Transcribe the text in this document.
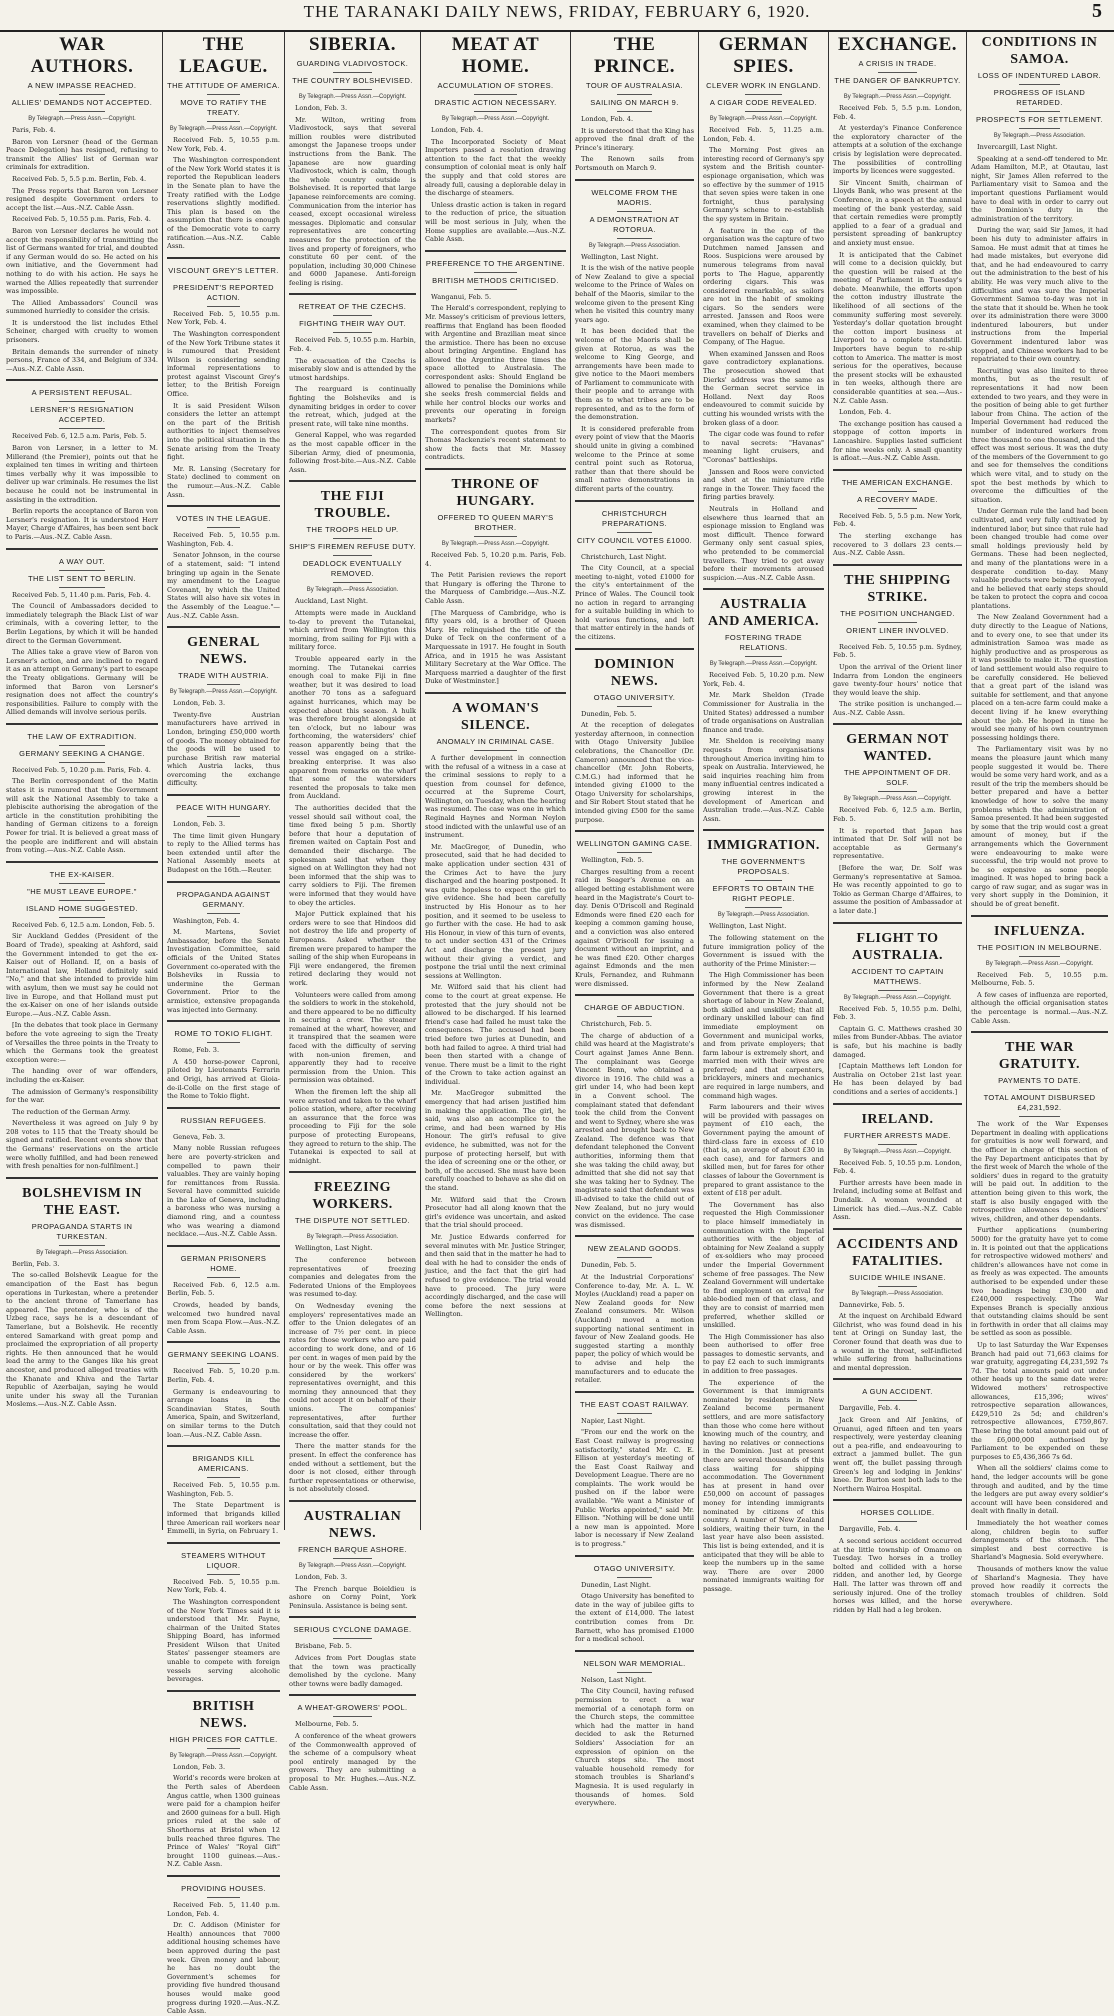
THE TARANAKI DAILY NEWS, FRIDAY, FEBRUARY 6, 1920.	5
WAR AUTHORS.
A NEW IMPASSE REACHED.
ALLIES' DEMANDS NOT ACCEPTED.
By Telegraph.—Press Assn.—Copyright.

Paris, Feb. 4.

Baron von Lersner (head of the German Peace Delegation) has resigned, refusing to transmit the Allies' list of German war criminals for extradition.

Received Feb. 5, 5.5 p.m. Berlin, Feb. 4.

The Press reports that Baron von Lersner resigned despite Government orders to accept the list.—Aus.-N.Z. Cable Assn.

Received Feb. 5, 10.55 p.m. Paris, Feb. 4.

Baron von Lersner declares he would not accept the responsibility of transmitting the list of Germans wanted for trial, and doubted if any German would do so. He acted on his own initiative, and the Government had nothing to do with his action. He says he warned the Allies repeatedly that surrender was impossible.

The Allied Ambassadors' Council was summoned hurriedly to consider the crisis.

It is understood the list includes Ethel Scheiner, charged with cruelty to women prisoners.

Britain demands the surrender of ninety persons, France of 334, and Belgium of 334.—Aus.-N.Z. Cable Assn.

A PERSISTENT REFUSAL.
LERSNER'S RESIGNATION ACCEPTED.

Received Feb. 6, 12.5 a.m. Paris, Feb. 5.

Baron von Lersner, in a letter to M. Millerand (the Premier), points out that he explained ten times in writing and thirteen times verbally why it was impossible to deliver up war criminals. He resumes the list because he could not be instrumental in assisting in the extradition.

Berlin reports the acceptance of Baron von Lersner's resignation. It is understood Herr Mayer, Charge d'Affaires, has been sent back to Paris.—Aus.-N.Z. Cable Assn.

A WAY OUT.
THE LIST SENT TO BERLIN.

Received Feb. 5, 11.40 p.m. Paris, Feb. 4.

The Council of Ambassadors decided to immediately telegraph the Black List of war criminals, with a covering letter, to the Berlin Legations, by which it will be handed direct to the German Government.

The Allies take a grave view of Baron von Lersner's action, and are inclined to regard it as an attempt on Germany's part to escape the Treaty obligations. Germany will be informed that Baron von Lersner's resignation does not affect the country's responsibilities. Failure to comply with the Allied demands will involve serious perils.

THE LAW OF EXTRADITION.
GERMANY SEEKING A CHANGE.

Received Feb. 5, 10.20 p.m. Paris, Feb. 4.

The Berlin correspondent of the Matin states it is rumoured that the Government will ask the National Assembly to take a plebiscite authorising the abrogation of the article in the constitution prohibiting the handing of German citizens to a foreign Power for trial. It is believed a great mass of the people are indifferent and will abstain from voting.—Aus.-N.Z. Cable Assn.

THE EX-KAISER.
"HE MUST LEAVE EUROPE."
ISLAND HOME SUGGESTED.

Received Feb. 6, 12.5 a.m. London, Feb. 5.

Sir Auckland Geddes (President of the Board of Trade), speaking at Ashford, said the Government intended to get the ex-Kaiser out of Holland. If, on a basis of International law, Holland definitely said "No," and that she intended to provide him with asylum, then we must say he could not live in Europe, and that Holland must put the ex-Kaiser on one of her islands outside Europe.—Aus.-N.Z. Cable Assn.

[In the debates that took place in Germany before the vote agreeing to sign the Treaty of Versailles the three points in the Treaty to which the Germans took the greatest exception were:—

The handing over of war offenders, including the ex-Kaiser.

The admission of Germany's responsibility for the war.

The reduction of the German Army.

Nevertheless it was agreed on July 9 by 208 votes to 115 that the Treaty should be signed and ratified. Recent events show that the Germans' reservations on the article were wholly fulfilled, and had been renewed with fresh penalties for non-fulfilment.]

BOLSHEVISM IN THE EAST.
PROPAGANDA STARTS IN TURKESTAN.
By Telegraph.—Press Association.

Berlin, Feb. 3.

The so-called Bolshevik League for the emancipation of the East has begun operations in Turkestan, where a pretender to the ancient throne of Tamerlane has appeared. The pretender, who is of the Uzbeg race, says he is a descendant of Tamerlane, but a Bolshevik. He recently entered Samarkand with great pomp and proclaimed the expropriation of all property rights. He then announced that he would lead the army to the Ganges like his great ancestor, and produced alleged treaties with the Khanate and Khiva and the Tartar Republic of Azerbaijan, saying he would unite under his sway all the Turanian Moslems.—Aus.-N.Z. Cable Assn.

THE LEAGUE.
THE ATTITUDE OF AMERICA.
MOVE TO RATIFY THE TREATY.
By Telegraph.—Press Assn.—Copyright.

Received Feb. 5, 10.55 p.m. New York, Feb. 4.

The Washington correspondent of the New York World states it is reported the Republican leaders in the Senate plan to have the Treaty ratified with the Lodge reservations slightly modified. This plan is based on the assumption that there is enough of the Democratic vote to carry ratification.—Aus.-N.Z. Cable Assn.

VISCOUNT GREY'S LETTER.
PRESIDENT'S REPORTED ACTION.

Received Feb. 5, 10.55 p.m. New York, Feb. 4.

The Washington correspondent of the New York Tribune states it is rumoured that President Wilson is considering sending informal representations to protest against Viscount Grey's letter, to the British Foreign Office.

It is said President Wilson considers the letter an attempt on the part of the British authorities to inject themselves into the political situation in the Senate arising from the Treaty fight.

Mr. R. Lansing (Secretary for State) declined to comment on the rumour.—Aus.-N.Z. Cable Assn.

VOTES IN THE LEAGUE.

Received Feb. 5, 10.55 p.m. Washington, Feb. 4.

Senator Johnson, in the course of a statement, said: "I intend bringing up again in the Senate my amendment to the League Covenant, by which the United States will also have six votes in the Assembly of the League."—Aus.-N.Z. Cable Assn.

GENERAL NEWS.
TRADE WITH AUSTRIA.
By Telegraph.—Press Assn.—Copyright.

London, Feb. 3.

Twenty-five Austrian manufacturers have arrived in London, bringing £50,000 worth of goods. The money obtained for the goods will be used to purchase British raw material which Austria lacks, thus overcoming the exchange difficulty.

PEACE WITH HUNGARY.

London, Feb. 3.

The time limit given Hungary to reply to the Allied terms has been extended until after the National Assembly meets at Budapest on the 16th.—Reuter.

PROPAGANDA AGAINST GERMANY.

Washington, Feb. 4.

M. Martens, Soviet Ambassador, before the Senate Investigation Committee, said officials of the United States Government co-operated with the Bolsheviks in Russia to undermine the German Government. Prior to the armistice, extensive propaganda was injected into Germany.

ROME TO TOKIO FLIGHT.

Rome, Feb. 3.

A 450 horse-power Caproni, piloted by Lieutenants Ferrarin and Origi, has arrived at Gioia-de-il-Colle on the first stage of the Rome to Tokio flight.

RUSSIAN REFUGEES.

Geneva, Feb. 3.

Many noble Russian refugees here are poverty-stricken and compelled to pawn their valuables. They are vainly hoping for remittances from Russia. Several have committed suicide in the Lake of Geneva, including a baroness who was nursing a diamond ring, and a countess who was wearing a diamond necklace.—Aus.-N.Z. Cable Assn.

GERMAN PRISONERS HOME.

Received Feb. 6, 12.5 a.m. Berlin, Feb. 5.

Crowds, headed by bands, welcomed two hundred naval men from Scapa Flow.—Aus.-N.Z. Cable Assn.

GERMANY SEEKING LOANS.

Received Feb. 5, 10.20 p.m. Berlin, Feb. 4.

Germany is endeavouring to arrange loans in the Scandinavian States, South America, Spain, and Switzerland, on similar terms to the Dutch loan.—Aus.-N.Z. Cable Assn.

BRIGANDS KILL AMERICANS.

Received Feb. 5, 10.55 p.m. Washington, Feb. 5.

The State Department is informed that brigands killed three American rail workers near Emmelli, in Syria, on February 1.

STEAMERS WITHOUT LIQUOR.

Received Feb. 5, 10.55 p.m. New York, Feb. 4.

The Washington correspondent of the New York Times said it is understood that Mr. Payne, chairman of the United States Shipping Board, has informed President Wilson that United States' passenger steamers are unable to compete with foreign vessels serving alcoholic beverages.

BRITISH NEWS.
HIGH PRICES FOR CATTLE.
By Telegraph.—Press Assn.—Copyright.

London, Feb. 3.

World's records were broken at the Perth sales of Aberdeen Angus cattle, when 1300 guineas were paid for a champion heifer and 2600 guineas for a bull. High prices ruled at the sale of Shorthorns at Bristol when 12 bulls reached three figures. The Prince of Wales' "Royal Gift" brought 1100 guineas.—Aus.-N.Z. Cable Assn.

PROVIDING HOUSES.

Received Feb. 5, 11.40 p.m. London, Feb. 4.

Dr. C. Addison (Minister for Health) announces that 7000 additional housing schemes have been approved during the past week. Given money and labour, he has no doubt the Government's schemes for providing five hundred thousand houses would make good progress during 1920.—Aus.-N.Z. Cable Assn.

SIBERIA.
GUARDING VLADIVOSTOCK.
THE COUNTRY BOLSHEVISED.
By Telegraph.—Press Assn.—Copyright.

London, Feb. 3.

Mr. Wilton, writing from Vladivostock, says that several million roubles were distributed amongst the Japanese troops under instructions from the Bank. The Japanese are now guarding Vladivostock, which is calm, though the whole country outside is Bolshevised. It is reported that large Japanese reinforcements are coming. Communication from the interior has ceased, except occasional wireless messages. Diplomatic and consular representatives are concerting measures for the protection of the lives and property of foreigners, who constitute 60 per cent. of the population, including 30,000 Chinese and 6000 Japanese. Anti-foreign feeling is rising.

RETREAT OF THE CZECHS.
FIGHTING THEIR WAY OUT.

Received Feb. 5, 10.55 p.m. Harbin, Feb. 4.

The evacuation of the Czechs is miserably slow and is attended by the utmost hardships.

The rearguard is continually fighting the Bolsheviks and is dynamiting bridges in order to cover the retreat, which, judged at the present rate, will take nine months.

General Kappel, who was regarded as the most capable officer in the Siberian Army, died of pneumonia, following frost-bite.—Aus.-N.Z. Cable Assn.

THE FIJI TROUBLE.
THE TROOPS HELD UP.
SHIP'S FIREMEN REFUSE DUTY.
DEADLOCK EVENTUALLY REMOVED.
By Telegraph.—Press Association.

Auckland, Last Night.

Attempts were made in Auckland to-day to prevent the Tutanekai, which arrived from Wellington this morning, from sailing for Fiji with a military force.

Trouble appeared early in the morning. The Tutanekai carries enough coal to make Fiji in fine weather, but it was desired to load another 70 tons as a safeguard against hurricanes, which may be expected about this season. A hulk was therefore brought alongside at ten o'clock, but no labour was forthcoming, the watersiders' chief reason apparently being that the vessel was engaged on a strike-breaking enterprise. It was also apparent from remarks on the wharf that some of the watersiders resented the proposals to take men from Auckland.

The authorities decided that the vessel should sail without coal, the time fixed being 5 p.m. Shortly before that hour a deputation of firemen waited on Captain Post and demanded their discharge. The spokesman said that when they signed on at Wellington they had not been informed that the ship was to carry soldiers to Fiji. The firemen were informed that they would have to obey the articles.

Major Puttick explained that his orders were to see that Hindoos did not destroy the life and property of Europeans. Asked whether the firemen were prepared to hamper the sailing of the ship when Europeans in Fiji were endangered, the firemen retired declaring they would not work.

Volunteers were called from among the soldiers to work in the stokehold, and there appeared to be no difficulty in securing a crew. The steamer remained at the wharf, however, and it transpired that the seamen were faced with the difficulty of serving with non-union firemen, and apparently they had to receive permission from the Union. This permission was obtained.

When the firemen left the ship all were arrested and taken to the wharf police station, where, after receiving an assurance that the force was proceeding to Fiji for the sole purpose of protecting Europeans, they agreed to return to the ship. The Tutanekai is expected to sail at midnight.

FREEZING WORKERS.
THE DISPUTE NOT SETTLED.
By Telegraph.—Press Association.

Wellington, Last Night.

The conference between representatives of freezing companies and delegates from the Federated Unions of the Employees was resumed to-day.

On Wednesday evening the employers' representatives made an offer to the Union delegates of an increase of 7½ per cent. in piece rates for those workers who are paid according to work done, and of 16 per cent. in wages of men paid by the hour or by the week. This offer was considered by the workers' representatives overnight, and this morning they announced that they could not accept it on behalf of their unions. The companies' representatives, after further consultation, said that they could not increase the offer.

There the matter stands for the present. In effect the conference has ended without a settlement, but the door is not closed, either through further representations or otherwise, is not absolutely closed.

AUSTRALIAN NEWS.
FRENCH BARQUE ASHORE.
By Telegraph.—Press Assn.—Copyright.

London, Feb. 3.

The French barque Boieldieu is ashore on Corny Point, York Peninsula. Assistance is being sent.

SERIOUS CYCLONE DAMAGE.

Brisbane, Feb. 5.

Advices from Port Douglas state that the town was practically demolished by the cyclone. Many other towns were badly damaged.

A WHEAT-GROWERS' POOL.

Melbourne, Feb. 5.

A conference of the wheat growers of the Commonwealth approved of the scheme of a compulsory wheat pool entirely managed by the growers. They are submitting a proposal to Mr. Hughes.—Aus.-N.Z. Cable Assn.

MEAT AT HOME.
ACCUMULATION OF STORES.
DRASTIC ACTION NECESSARY.
By Telegraph.—Press Assn.—Copyright.

London, Feb. 4.

The Incorporated Society of Meat Importers passed a resolution drawing attention to the fact that the weekly consumption of colonial meat is only half the supply and that cold stores are already full, causing a deplorable delay in the discharge of steamers.

Unless drastic action is taken in regard to the reduction of price, the situation will be most serious in July, when the Home supplies are available.—Aus.-N.Z. Cable Assn.

PREFERENCE TO THE ARGENTINE.
BRITISH METHODS CRITICISED.

Wanganui, Feb. 5.

The Herald's correspondent, replying to Mr. Massey's criticism of previous letters, reaffirms that England has been flooded with Argentine and Brazilian meat since the armistice. There has been no excuse about bringing Argentine. England has allowed the Argentine three times the space allotted to Australasia. The correspondent asks: Should England be allowed to penalise the Dominions while she seeks fresh commercial fields and while her control blocks our works and prevents our operating in foreign markets?

The correspondent quotes from Sir Thomas Mackenzie's recent statement to show the facts that Mr. Massey contradicts.

THRONE OF HUNGARY.
OFFERED TO QUEEN MARY'S BROTHER.
By Telegraph.—Press Assn.—Copyright.

Received Feb. 5, 10.20 p.m. Paris, Feb. 4.

The Petit Parisien reviews the report that Hungary is offering the Throne to the Marquess of Cambridge.—Aus.-N.Z. Cable Assn.

[The Marquess of Cambridge, who is fifty years old, is a brother of Queen Mary. He relinquished the title of the Duke of Teck on the conferment of a Marquessate in 1917. He fought in South Africa, and in 1915 he was Assistant Military Secretary at the War Office. The Marquess married a daughter of the first Duke of Westminster.]

A WOMAN'S SILENCE.
ANOMALY IN CRIMINAL CASE.

A further development in connection with the refusal of a witness in a case at the criminal sessions to reply to a question from counsel for defence, occurred at the Supreme Court, Wellington, on Tuesday, when the hearing was resumed. The case was one in which Reginald Haynes and Norman Neylon stood indicted with the unlawful use of an instrument.

Mr. MacGregor, of Dunedin, who prosecuted, said that he had decided to make application under section 431 of the Crimes Act to have the jury discharged and the hearing postponed. It was quite hopeless to expect the girl to give evidence. She had been carefully instructed by His Honour as to her position, and it seemed to be useless to go further with the case. He had to ask His Honour, in view of this turn of events, to act under section 431 of the Crimes Act and discharge the present jury without their giving a verdict, and postpone the trial until the next criminal sessions at Wellington.

Mr. Wilford said that his client had come to the court at great expense. He protested that the jury should not be allowed to be discharged. If his learned friend's case had failed he must take the consequences. The accused had been tried before two juries at Dunedin, and both had failed to agree. A third trial had been then started with a change of venue. There must be a limit to the right of the Crown to take action against an individual.

Mr. MacGregor submitted the emergency that had arisen justified him in making the application. The girl, he said, was also an accomplice to the crime, and had been warned by His Honour. The girl's refusal to give evidence, he submitted, was not for the purpose of protecting herself, but with the idea of screening one or the other, or both, of the accused. She must have been carefully coached to behave as she did on the stand.

Mr. Wilford said that the Crown Prosecutor had all along known that the girl's evidence was uncertain, and asked that the trial should proceed.

Mr. Justice Edwards conferred for several minutes with Mr. Justice Stringer, and then said that in the matter he had to deal with he had to consider the ends of justice, and the fact that the girl had refused to give evidence. The trial would have to proceed. The jury were accordingly discharged, and the case will come before the next sessions at Wellington.

THE PRINCE.
TOUR OF AUSTRALASIA.
SAILING ON MARCH 9.

London, Feb. 4.

It is understood that the King has approved the final draft of the Prince's itinerary.

The Renown sails from Portsmouth on March 9.

WELCOME FROM THE MAORIS.
A DEMONSTRATION AT ROTORUA.
By Telegraph.—Press Association.

Wellington, Last Night.

It is the wish of the native people of New Zealand to give a special welcome to the Prince of Wales on behalf of the Maoris, similar to the welcome given to the present King when he visited this country many years ago.

It has been decided that the welcome of the Maoris shall be given at Rotorua, as was the welcome to King George, and arrangements have been made to give notice to the Maori members of Parliament to communicate with their people and to arrange with them as to what tribes are to be represented, and as to the form of the demonstration.

It is considered preferable from every point of view that the Maoris should unite in giving a combined welcome to the Prince at some central point such as Rotorua, rather than that there should be small native demonstrations in different parts of the country.

CHRISTCHURCH PREPARATIONS.
CITY COUNCIL VOTES £1000.

Christchurch, Last Night.

The City Council, at a special meeting to-night, voted £1000 for the city's entertainment of the Prince of Wales. The Council took no action in regard to arranging for a suitable building in which to hold various functions, and left that matter entirely in the hands of the citizens.

DOMINION NEWS.
OTAGO UNIVERSITY.

Dunedin, Feb. 5.

At the reception of delegates yesterday afternoon, in connection with Otago University Jubilee celebrations, the Chancellor (Dr. Cameron) announced that the vice-chancellor (Mr. John Roberts, C.M.G.) had informed that he intended giving £1000 to the Otago University for scholarships, and Sir Robert Stout stated that he intended giving £500 for the same purpose.

WELLINGTON GAMING CASE.

Wellington, Feb. 5.

Charges resulting from a recent raid in Seager's Avenue on an alleged betting establishment were heard in the Magistrate's Court to-day. Denis O'Driscoll and Reginald Edmonds were fined £20 each for keeping a common gaming house, and a conviction was also entered against O'Driscoll for issuing a document without an imprint, and he was fined £20. Other charges against Edmonds and the men Kruls, Fernandez, and Ruhmann were dismissed.

CHARGE OF ABDUCTION.

Christchurch, Feb. 5.

The charge of abduction of a child was heard at the Magistrate's Court against James Anne Benn. The complainant was George Vincent Benn, who obtained a divorce in 1916. The child was a girl under 14, who had been kept in a Convent school. The complainant stated that defendant took the child from the Convent and went to Sydney, where she was arrested and brought back to New Zealand. The defence was that defendant telephoned the Convent authorities, informing them that she was taking the child away, but admitted that she did not say that she was taking her to Sydney. The magistrate said that defendant was ill-advised to take the child out of New Zealand, but no jury would convict on the evidence. The case was dismissed.

NEW ZEALAND GOODS.

Dunedin, Feb. 5.

At the Industrial Corporations' Conference to-day, Mr. A. L. W. Moyles (Auckland) read a paper on New Zealand goods for New Zealand consumers. Mr. Wilson (Auckland) moved a motion supporting national sentiment in favour of New Zealand goods. He suggested starting a monthly paper, the policy of which would be to advise and help the manufacturers and to educate the retailer.

THE EAST COAST RAILWAY.

Napier, Last Night.

"From our end the work on the East Coast railway is progressing satisfactorily," stated Mr. C. E. Ellison at yesterday's meeting of the East Coast Railway and Development League. There are no complaints. The work would be pushed on if the labor were available. "We want a Minister of Public Works appointed," said Mr. Ellison. "Nothing will be done until a new man is appointed. More labor is necessary if New Zealand is to progress."

OTAGO UNIVERSITY.

Dunedin, Last Night.

Otago University has benefited to date in the way of jubilee gifts to the extent of £14,000. The latest contribution comes from Dr. Barnett, who has promised £1000 for a medical school.

NELSON WAR MEMORIAL.

Nelson, Last Night.

The City Council, having refused permission to erect a war memorial of a cenotaph form on the Church steps, the committee which had the matter in hand decided to ask the Returned Soldiers' Association for an expression of opinion on the Church steps site. The most valuable household remedy for stomach troubles is Sharland's Magnesia. It is used regularly in thousands of homes. Sold everywhere.

GERMAN SPIES.
CLEVER WORK IN ENGLAND.
A CIGAR CODE REVEALED.
By Telegraph.—Press Assn.—Copyright.

Received Feb. 5, 11.25 a.m. London, Feb. 4.

The Morning Post gives an interesting record of Germany's spy system and the British counter-espionage organisation, which was so effective by the summer of 1915 that seven spies were taken in one fortnight, thus paralysing Germany's scheme to re-establish the spy system in Britain.

A feature in the cap of the organisation was the capture of two Dutchmen named Janssen and Roos. Suspicions were aroused by numerous telegrams from naval ports to The Hague, apparently ordering cigars. This was considered remarkable, as sailors are not in the habit of smoking cigars. So the senders were arrested. Janssen and Roos were examined, when they claimed to be travellers on behalf of Dierks and Company, of The Hague.

When examined Janssen and Roos gave contradictory explanations. The prosecution showed that Dierks' address was the same as the German secret service in Holland. Next day Roos endeavoured to commit suicide by cutting his wounded wrists with the broken glass of a door.

The cigar code was found to refer to naval secrets: "Havanas" meaning light cruisers, and "Coronas" battleships.

Janssen and Roos were convicted and shot at the miniature rifle range in the Tower. They faced the firing parties bravely.

Neutrals in Holland and elsewhere thus learned that an espionage mission to England was most difficult. Thence forward Germany only sent casual spies, who pretended to be commercial travellers. They tried to get away before their movements aroused suspicion.—Aus.-N.Z. Cable Assn.

AUSTRALIA AND AMERICA.
FOSTERING TRADE RELATIONS.
By Telegraph.—Press Assn.—Copyright.

Received Feb. 5, 10.20 p.m. New York, Feb. 4.

Mr. Mark Sheldon (Trade Commissioner for Australia in the United States) addressed a number of trade organisations on Australian finance and trade.

Mr. Sheldon is receiving many requests from organisations throughout America inviting him to speak on Australia. Interviewed, he said inquiries reaching him from many influential centres indicated a growing interest in the development of American and Australian trade.—Aus.-N.Z. Cable Assn.

IMMIGRATION.
THE GOVERNMENT'S PROPOSALS.
EFFORTS TO OBTAIN THE RIGHT PEOPLE.
By Telegraph.—Press Association.

Wellington, Last Night.

The following statement on the future immigration policy of the Government is issued with the authority of the Prime Minister:—

The High Commissioner has been informed by the New Zealand Government that there is a great shortage of labour in New Zealand, both skilled and unskilled; that all ordinary unskilled labour can find immediate employment on Government and municipal works, and from private employers; that farm labour is extremely short, and married men with their wives are preferred; and that carpenters, bricklayers, miners and mechanics are required in large numbers, and command high wages.

Farm labourers and their wives will be provided with passages on payment of £10 each, the Government paying the amount of third-class fare in excess of £10 (that is, an average of about £30 in each case), and for farmers and skilled men, but for fares for other classes of labour the Government is prepared to grant assistance to the extent of £18 per adult.

The Government has also requested the High Commissioner to place himself immediately in communication with the Imperial authorities with the object of obtaining for New Zealand a supply of ex-soldiers who may proceed under the Imperial Government scheme of free passages. The New Zealand Government will undertake to find employment on arrival for able-bodied men of that class, and they are to consist of married men preferred, whether skilled or unskilled.

The High Commissioner has also been authorised to offer free passages to domestic servants, and to pay £2 each to such immigrants in addition to free passages.

The experience of the Government is that immigrants nominated by residents in New Zealand become permanent settlers, and are more satisfactory than those who come here without knowing much of the country, and having no relatives or connections in the Dominion. Just at present there are several thousands of this class waiting for shipping accommodation. The Government has at present in hand over £50,000 on account of passages money for intending immigrants nominated by citizens of this country. A number of New Zealand soldiers, waiting their turn, in the last year have also been assisted. This list is being extended, and it is anticipated that they will be able to keep the numbers up in the same way. There are over 2000 nominated immigrants waiting for passage.

EXCHANGE.
A CRISIS IN TRADE.
THE DANGER OF BANKRUPTCY.
By Telegraph.—Press Assn.—Copyright.

Received Feb. 5, 5.5 p.m. London, Feb. 4.

At yesterday's Finance Conference the exploratory character of the attempts at a solution of the exchange crisis by legislation were deprecated. The possibilities of controlling imports by licences were suggested.

Sir Vincent Smith, chairman of Lloyds Bank, who was present at the Conference, in a speech at the annual meeting of the bank yesterday, said that certain remedies were promptly applied to a fear of a gradual and persistent spreading of bankruptcy and anxiety must ensue.

It is anticipated that the Cabinet will come to a decision quickly, but the question will be raised at the meeting of Parliament in Tuesday's debate. Meanwhile, the efforts upon the cotton industry illustrate the likelihood of all sections of the community suffering most severely. Yesterday's dollar quotation brought the cotton import business at Liverpool to a complete standstill. Importers have begun to re-ship cotton to America. The matter is most serious for the operatives, because the present stocks will be exhausted in ten weeks, although there are considerable quantities at sea.—Aus.-N.Z. Cable Assn.

London, Feb. 4.

The exchange position has caused a stoppage of cotton imports in Lancashire. Supplies lasted sufficient for nine weeks only. A small quantity is afloat.—Aus.-N.Z. Cable Assn.

THE AMERICAN EXCHANGE.
A RECOVERY MADE.

Received Feb. 5, 5.5 p.m. New York, Feb. 4.

The sterling exchange has recovered to 3 dollars 23 cents.—Aus.-N.Z. Cable Assn.

THE SHIPPING STRIKE.
THE POSITION UNCHANGED.
ORIENT LINER INVOLVED.

Received Feb. 5, 10.55 p.m. Sydney, Feb. 5.

Upon the arrival of the Orient liner Indarra from London the engineers gave twenty-four hours' notice that they would leave the ship.

The strike position is unchanged.—Aus.-N.Z. Cable Assn.

GERMAN NOT WANTED.
THE APPOINTMENT OF DR. SOLF.
By Telegraph.—Press Assn.—Copyright.

Received Feb. 6, 12.5 a.m. Berlin, Feb. 5.

It is reported that Japan has intimated that Dr. Solf will not be acceptable as Germany's representative.

[Before the war, Dr. Solf was Germany's representative at Samoa. He was recently appointed to go to Tokio as German Charge d'Affaires, to assume the position of Ambassador at a later date.]

FLIGHT TO AUSTRALIA.
ACCIDENT TO CAPTAIN MATTHEWS.
By Telegraph.—Press Assn.—Copyright.

Received Feb. 5, 10.55 p.m. Delhi, Feb. 3.

Captain G. C. Matthews crashed 30 miles from Bunder-Abbas. The aviator is safe, but his machine is badly damaged.

[Captain Matthews left London for Australia on October 21st last year. He has been delayed by bad conditions and a series of accidents.]

IRELAND.
FURTHER ARRESTS MADE.
By Telegraph.—Press Assn.—Copyright.

Received Feb. 5, 10.55 p.m. London, Feb. 4.

Further arrests have been made in Ireland, including some at Belfast and Dundalk. A woman wounded at Limerick has died.—Aus.-N.Z. Cable Assn.

ACCIDENTS AND FATALITIES.
SUICIDE WHILE INSANE.
By Telegraph.—Press Association.

Dannevirke, Feb. 5.

At the inquest on Archibald Edward Gilchrist, who was found dead in his tent at Oringi on Sunday last, the Coroner found that death was due to a wound in the throat, self-inflicted while suffering from hallucinations and mental depression.

A GUN ACCIDENT.

Dargaville, Feb. 4.

Jack Green and Alf Jenkins, of Oruanui, aged fifteen and ten years respectively, were yesterday cleaning out a pea-rifle, and endeavouring to extract a jammed bullet. The gun went off, the bullet passing through Green's leg and lodging in Jenkins' knee. Dr. Burton sent both lads to the Northern Wairoa Hospital.

HORSES COLLIDE.

Dargaville, Feb. 4.

A second serious accident occurred at the little township of Omamo on Tuesday. Two horses in a trolley bolted and collided with a horse ridden, and another led, by George Hall. The latter was thrown off and seriously injured. One of the trolley horses was killed, and the horse ridden by Hall had a leg broken.

CONDITIONS IN SAMOA.
LOSS OF INDENTURED LABOR.
PROGRESS OF ISLAND RETARDED.
PROSPECTS FOR SETTLEMENT.
By Telegraph.—Press Association.

Invercargill, Last Night.

Speaking at a send-off tendered to Mr. Adam Hamilton, M.P., at Otautau, last night, Sir James Allen referred to the Parliamentary visit to Samoa and the important questions Parliament would have to deal with in order to carry out the Dominion's duty in the administration of the territory.

During the war, said Sir James, it had been his duty to administer affairs in Samoa. He must admit that at times he had made mistakes, but everyone did that, and he had endeavoured to carry out the administration to the best of his ability. He was very much alive to the difficulties and was sure the Imperial Government Samoa to-day was not in the state that it should be. When he took over its administration there were 3000 indentured labourers, but under instructions from the Imperial Government indentured labor was stopped, and Chinese workers had to be repatriated to their own country.

Recruiting was also limited to three months, but as the result of representations it had now been extended to two years, and they were in the position of being able to get further labour from China. The action of the Imperial Government had reduced the number of indentured workers from three thousand to one thousand, and the effect was most serious. It was the duty of the members of the Government to go and see for themselves the conditions which were vital, and to study on the spot the best methods by which to overcome the difficulties of the situation.

Under German rule the land had been cultivated, and very fully cultivated by indentured labor, but since that rule had been changed trouble had come over small holdings previously held by Germans. These had been neglected, and many of the plantations were in a desperate condition to-day. Many valuable products were being destroyed, and he believed that early steps should be taken to protect the copra and cocoa plantations.

The New Zealand Government had a duty directly to the League of Nations, and to every one, to see that under its administration Samoa was made as highly productive and as prosperous as it was possible to make it. The question of land settlement would also require to be carefully considered. He believed that a great part of the island was suitable for settlement, and that anyone placed on a ten-acre farm could make a decent living if he knew everything about the job. He hoped in time he would see many of his own countrymen possessing holdings there.

The Parliamentary visit was by no means the pleasure jaunt which many people suggested it would be. There would be some very hard work, and as a result of the trip the members should be better prepared and have a better knowledge of how to solve the many problems which the administration of Samoa presented. It had been suggested by some that the trip would cost a great amount of money, but if the arrangements which the Government were endeavouring to make were successful, the trip would not prove to be so expensive as some people imagined. It was hoped to bring back a cargo of raw sugar, and as sugar was in very short supply in the Dominion, it should be of great benefit.

INFLUENZA.
THE POSITION IN MELBOURNE.
By Telegraph.—Press Assn.—Copyright.

Received Feb. 5, 10.55 p.m. Melbourne, Feb. 5.

A few cases of influenza are reported, although the official organisation states the percentage is normal.—Aus.-N.Z. Cable Assn.

THE WAR GRATUITY.
PAYMENTS TO DATE.
TOTAL AMOUNT DISBURSED £4,231,592.

The work of the War Expenses Department in dealing with applications for gratuities is now well forward, and the officer in charge of this section of the Pay Department anticipates that by the first week of March the whole of the soldiers' dues in regard to the gratuity will be paid out. In addition to the attention being given to this work, the staff is also busily engaged with the retrospective allowances to soldiers' wives, children, and other dependants.

Further applications (numbering 5000) for the gratuity have yet to come in. It is pointed out that the applications for retrospective widowed mothers' and children's allowances have not come in as freely as was expected. The amounts authorised to be expended under these two headings being £30,000 and £240,000 respectively. The War Expenses Branch is specially anxious that outstanding claims should be sent in forthwith in order that all claims may be settled as soon as possible.

Up to last Saturday the War Expenses Branch had paid out 71,663 claims for war gratuity, aggregating £4,231,592 7s 7d. The total amounts paid out under other heads up to the same date were: Widowed mothers' retrospective allowances, £15,396; wives' retrospective separation allowances, £429,510 2s 5d; and children's retrospective allowances, £759,867. These bring the total amount paid out of the £6,000,000 authorised by Parliament to be expended on these purposes to £5,436,366 7s 6d.

When all the soldiers' claims come to hand, the ledger accounts will be gone through and audited, and by the time the ledgers are put away every soldier's account will have been considered and dealt with finally in detail.

Immediately the hot weather comes along, children begin to suffer derangements of the stomach. The simplest and best corrective is Sharland's Magnesia. Sold everywhere.

Thousands of mothers know the value of Sharland's Magnesia. They have proved how readily it corrects the stomach troubles of children. Sold everywhere.
